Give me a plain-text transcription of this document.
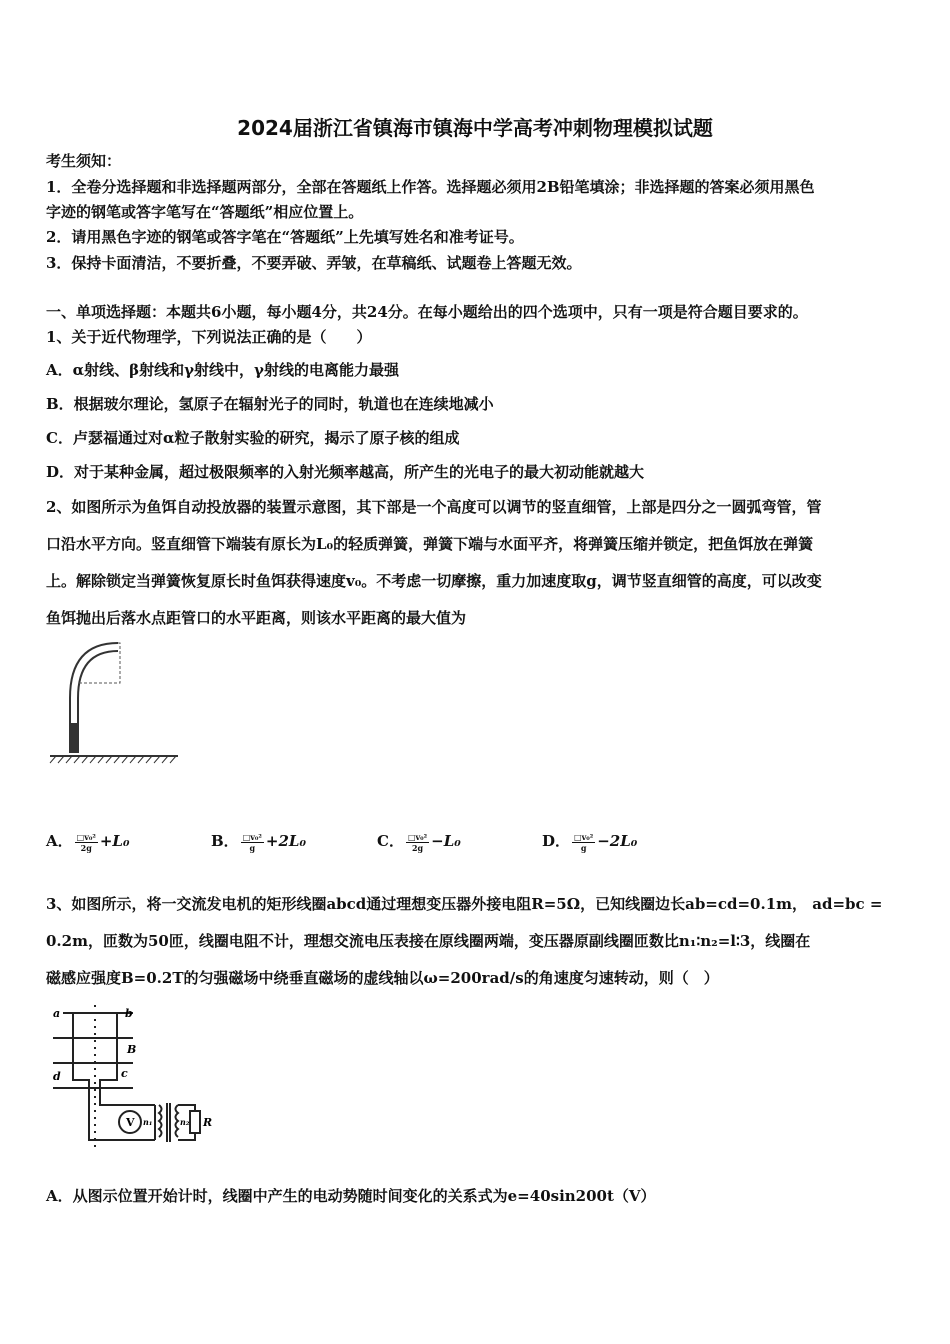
2024届浙江省镇海市镇海中学高考冲刺物理模拟试题
考生须知：
1．全卷分选择题和非选择题两部分，全部在答题纸上作答。选择题必须用2B铅笔填涂；非选择题的答案必须用黑色
字迹的钢笔或答字笔写在“答题纸”相应位置上。
2．请用黑色字迹的钢笔或答字笔在“答题纸”上先填写姓名和准考证号。
3．保持卡面清洁，不要折叠，不要弄破、弄皱，在草稿纸、试题卷上答题无效。
一、单项选择题：本题共6小题，每小题4分，共24分。在每小题给出的四个选项中，只有一项是符合题目要求的。
1、关于近代物理学，下列说法正确的是（　　）
A．α射线、β射线和γ射线中，γ射线的电离能力最强
B．根据玻尔理论，氢原子在辐射光子的同时，轨道也在连续地减小
C．卢瑟福通过对α粒子散射实验的研究，揭示了原子核的组成
D．对于某种金属，超过极限频率的入射光频率越高，所产生的光电子的最大初动能就越大
2、如图所示为鱼饵自动投放器的装置示意图，其下部是一个高度可以调节的竖直细管，上部是四分之一圆弧弯管，管
口沿水平方向。竖直细管下端装有原长为L₀的轻质弹簧，弹簧下端与水面平齐，将弹簧压缩并锁定，把鱼饵放在弹簧
上。解除锁定当弹簧恢复原长时鱼饵获得速度v₀。不考虑一切摩擦，重力加速度取g，调节竖直细管的高度，可以改变
鱼饵抛出后落水点距管口的水平距离，则该水平距离的最大值为
A． $\frac{\text{□v₀²}}{2g} +L_0$	B． $\frac{\text{□v₀²}}{g} +2L_0$	C． $\frac{\text{□v₀²}}{2g} -L_0$	D． $\frac{\text{□v₀²}}{g} -2L_0$
3、如图所示，将一交流发电机的矩形线圈abcd通过理想变压器外接电阻R=5Ω，已知线圈边长ab=cd=0.1m， ad=bc =
0.2m，匝数为50匝，线圈电阻不计，理想交流电压表接在原线圈两端，变压器原副线圈匝数比n₁∶n₂=l∶3，线圈在
磁感应强度B=0.2T的匀强磁场中绕垂直磁场的虚线轴以ω=200rad/s的角速度匀速转动，则（　）
a	b
B
d	c
V n₁	n₂ R
A．从图示位置开始计时，线圈中产生的电动势随时间变化的关系式为e=40sin200t（V）
